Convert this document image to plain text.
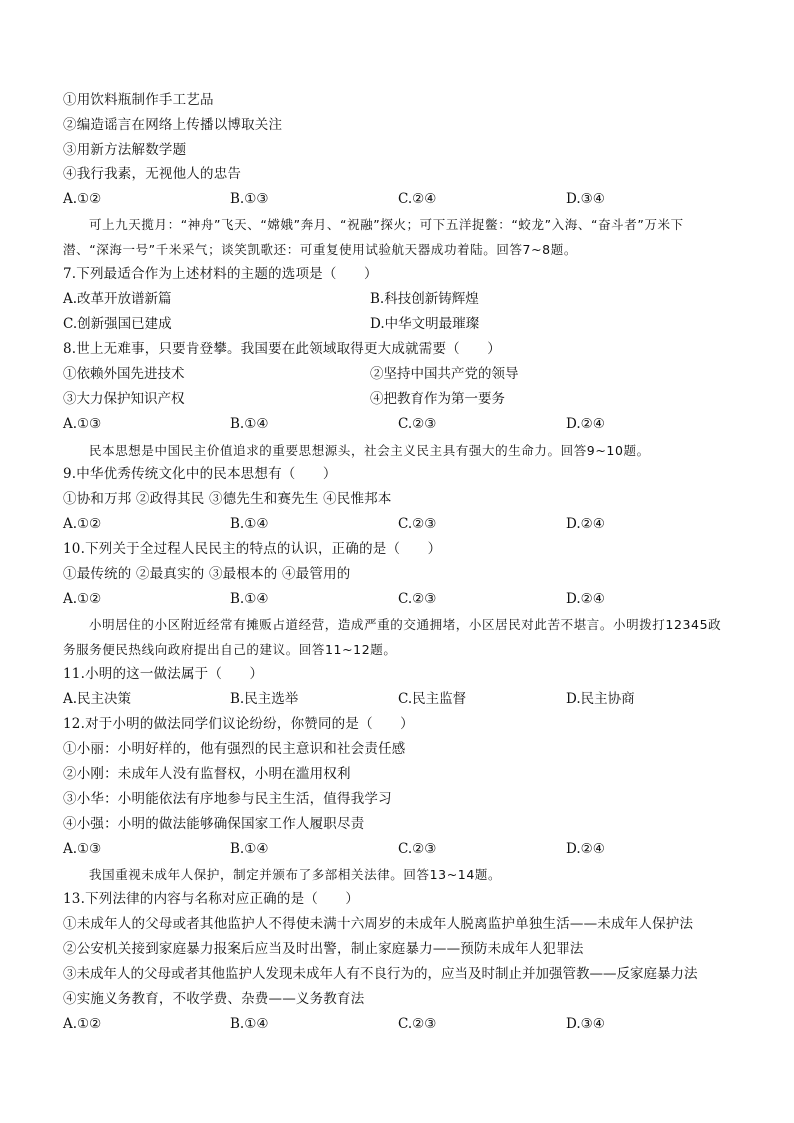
①用饮料瓶制作手工艺品
②编造谣言在网络上传播以博取关注
③用新方法解数学题
④我行我素，无视他人的忠告
A.①②	B.①③	C.②④	D.③④
可上九天揽月：“神舟”飞天、“嫦娥”奔月、“祝融”探火；可下五洋捉鳖：“蛟龙”入海、“奋斗者”万米下潜、“深海一号”千米采气；谈笑凯歌还：可重复使用试验航天器成功着陆。回答7~8题。
7.下列最适合作为上述材料的主题的选项是（　　）
A.改革开放谱新篇	B.科技创新铸辉煌
C.创新强国已建成	D.中华文明最璀璨
8.世上无难事，只要肯登攀。我国要在此领域取得更大成就需要（　　）
①依赖外国先进技术	②坚持中国共产党的领导
③大力保护知识产权	④把教育作为第一要务
A.①③	B.①④	C.②③	D.②④
民本思想是中国民主价值追求的重要思想源头，社会主义民主具有强大的生命力。回答9~10题。
9.中华优秀传统文化中的民本思想有（　　）
①协和万邦 ②政得其民 ③德先生和赛先生 ④民惟邦本
A.①②	B.①④	C.②③	D.②④
10.下列关于全过程人民民主的特点的认识，正确的是（　　）
①最传统的 ②最真实的 ③最根本的 ④最管用的
A.①②	B.①④	C.②③	D.②④
小明居住的小区附近经常有摊贩占道经营，造成严重的交通拥堵，小区居民对此苦不堪言。小明拨打12345政务服务便民热线向政府提出自己的建议。回答11~12题。
11.小明的这一做法属于（　　）
A.民主决策	B.民主选举	C.民主监督	D.民主协商
12.对于小明的做法同学们议论纷纷，你赞同的是（　　）
①小丽：小明好样的，他有强烈的民主意识和社会责任感
②小刚：未成年人没有监督权，小明在滥用权利
③小华：小明能依法有序地参与民主生活，值得我学习
④小强：小明的做法能够确保国家工作人履职尽责
A.①③	B.①④	C.②③	D.②④
我国重视未成年人保护，制定并颁布了多部相关法律。回答13~14题。
13.下列法律的内容与名称对应正确的是（　　）
①未成年人的父母或者其他监护人不得使未满十六周岁的未成年人脱离监护单独生活——未成年人保护法
②公安机关接到家庭暴力报案后应当及时出警，制止家庭暴力——预防未成年人犯罪法
③未成年人的父母或者其他监护人发现未成年人有不良行为的，应当及时制止并加强管教——反家庭暴力法
④实施义务教育，不收学费、杂费——义务教育法
A.①②	B.①④	C.②③	D.③④
